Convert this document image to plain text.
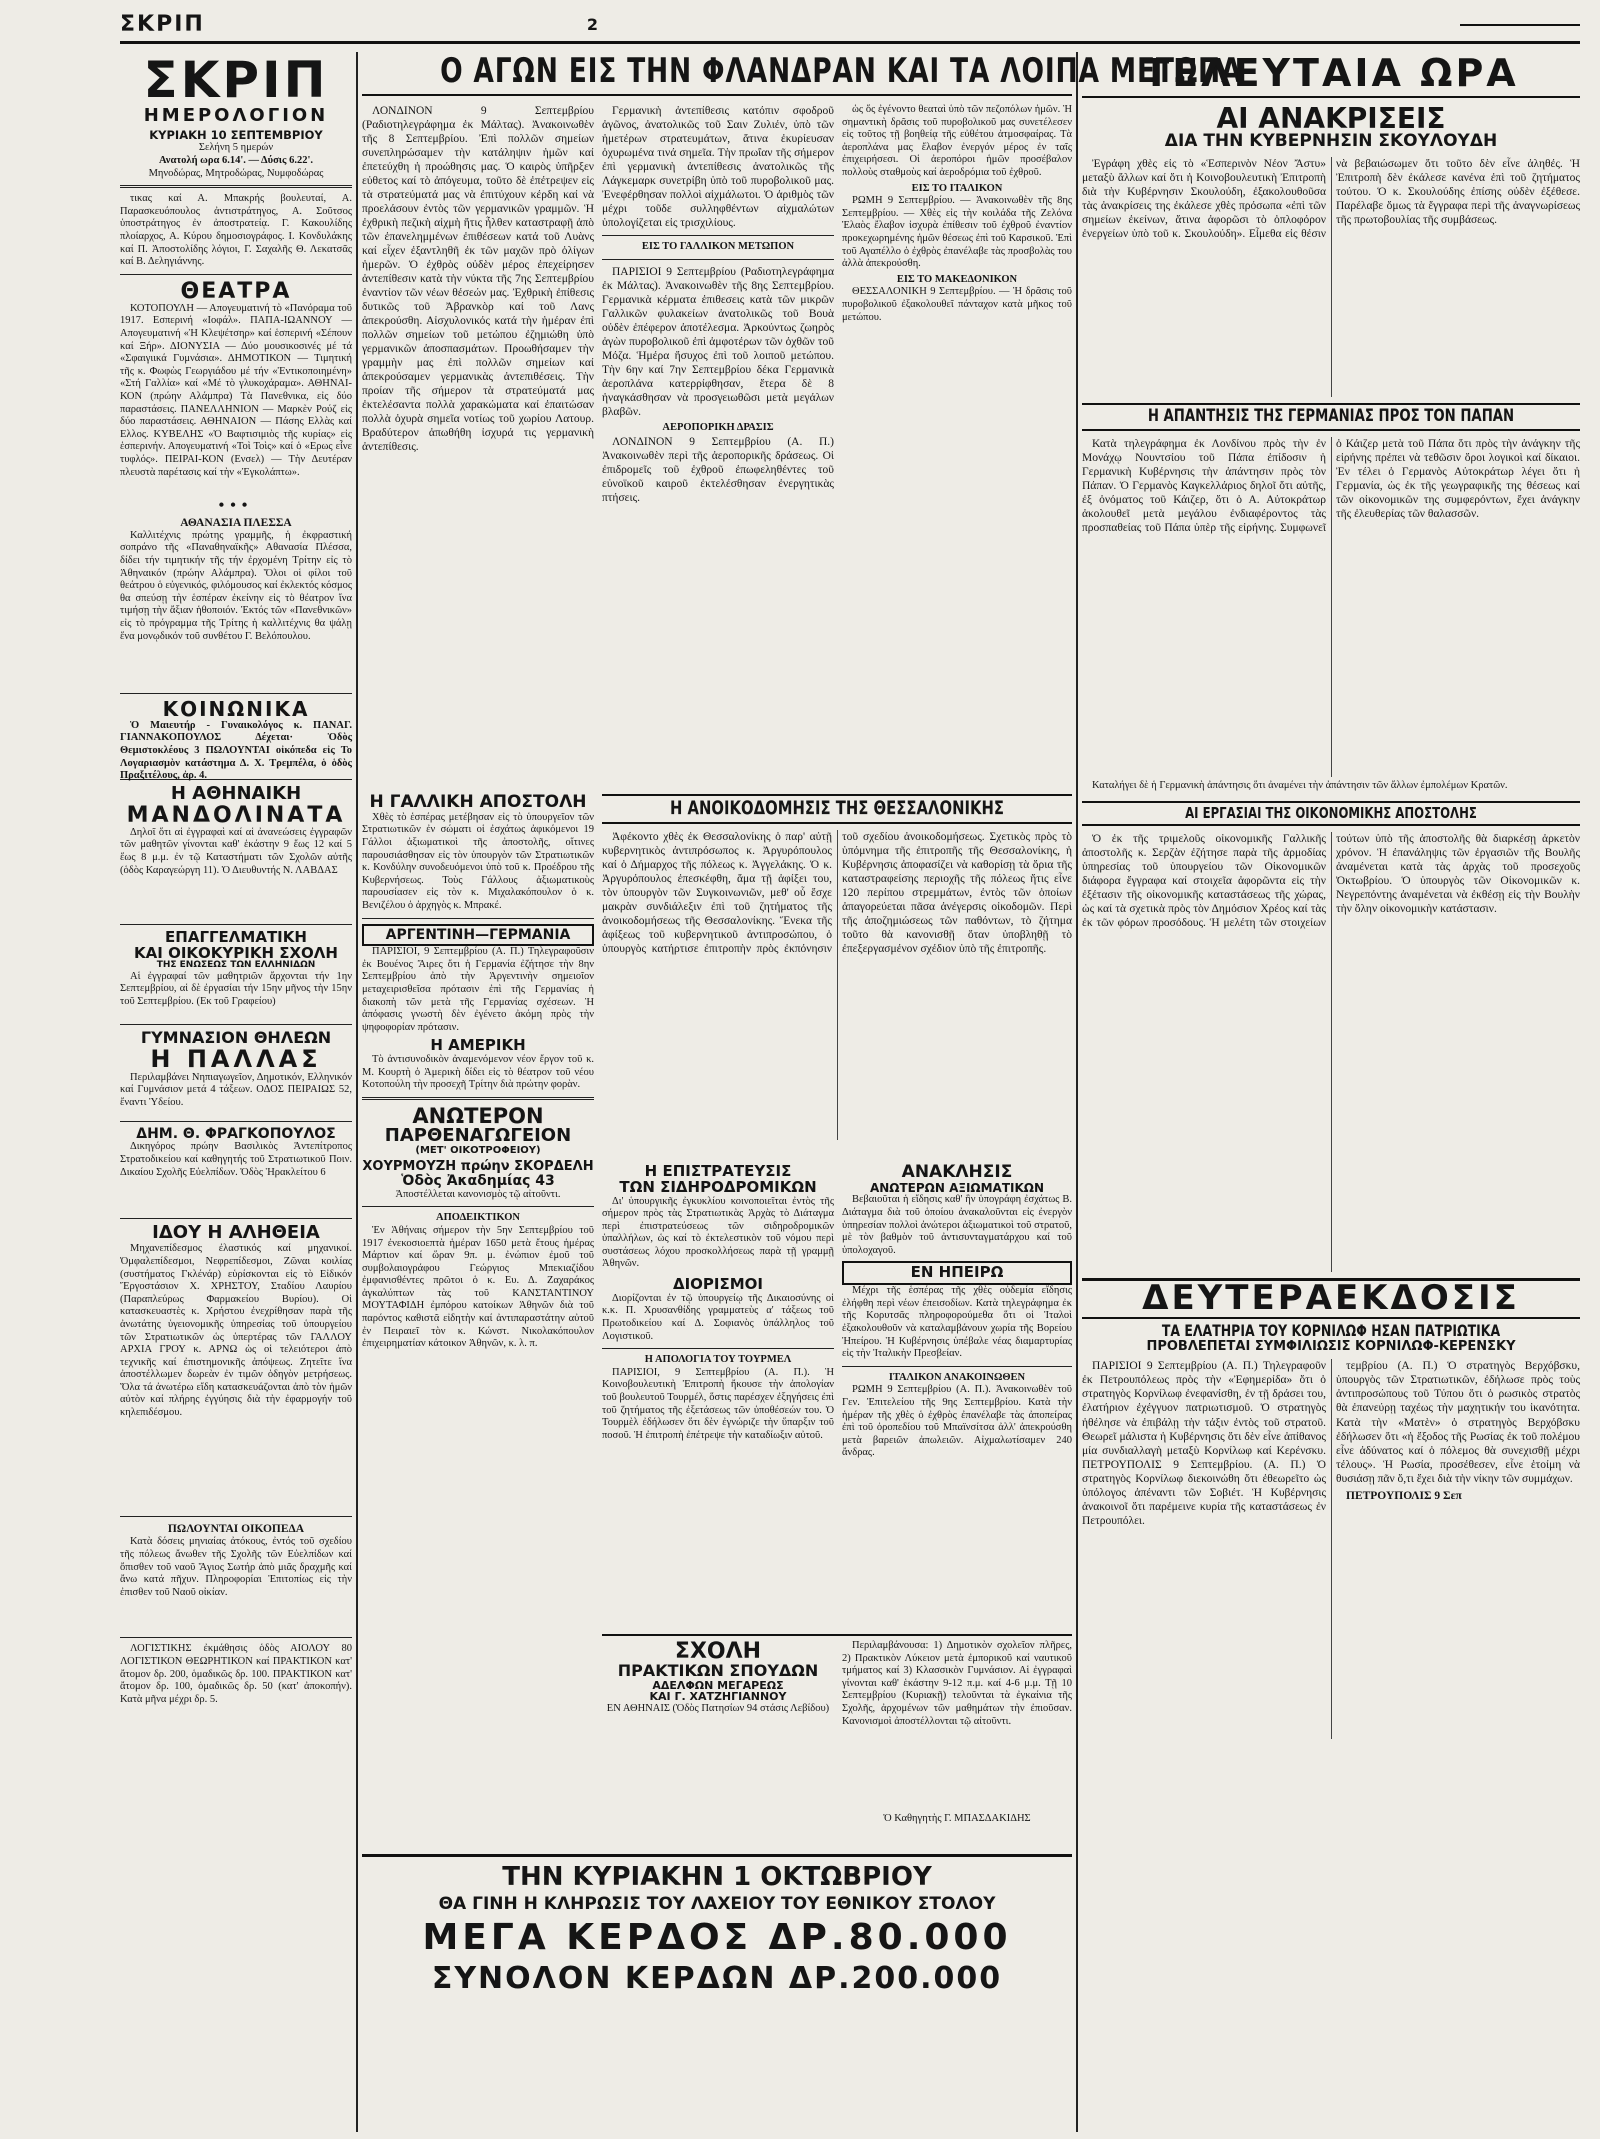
ΣΚΡΙΠ	2
ΣΚΡΙΠ
ΗΜΕΡΟΛΟΓΙΟΝ
ΚΥΡΙΑΚΗ 10 ΣΕΠΤΕΜΒΡΙΟΥ
Σελήνη 5 ημερών
Ανατολή ωρα 6.14'. — Δύσις 6.22'.
Μηνοδώρας, Μητροδώρας, Νυμφοδώρας
τικας καί Α. Μπακρής βουλευταί, Α. Παρασκευόπουλος ἀντιστράτηγος, Α. Σοῦτσος ὑποστράτηγος ἐν ἀποστρατείᾳ. Γ. Κακουλίδης πλοίαρχος, Α. Κύρου δημοσιογράφος. Ι. Κονδυλάκης καί Π. Ἀποστολίδης λόγιοι, Γ. Σαχαλῆς Θ. Λεκατσᾶς καί Β. Δεληγιάννης.
ΘΕΑΤΡΑ
ΚΟΤΟΠΟΥΛΗ — Απογευματινή τὸ «Πανόραμα τοῦ 1917. Εσπερινή «Ιοφάλ». ΠΑΠΑ-ΙΩΑΝΝΟΥ — Απογευματινή «Ἡ Κλεψέτσηρ» καί ἑσπερινή «Σέπουν καί Ξήρ». ΔΙΟΝΥΣΙΑ — Δύο μουσικοσινές μέ τά «Σφαιγιικά Γυμνάσια». ΔΗΜΟΤΙΚΟΝ — Τιμητική τῆς κ. Φωφὼς Γεωργιάδου μέ τήν «Ἐντικοποιημένη» «Στή Γαλλία» καί «Μέ τὸ γλυκοχάραμα». ΑΘΗΝΑΙ-ΚΟΝ (πρώην Αλάμπρα) Τὰ Πανεθνικα, εἰς δύο παραστάσεις. ΠΑΝΕΛΛΗΝΙΟΝ — Μαρκὲν Ρούζ εἰς δύο παραστάσεις. ΑΘΗΝΑΙΟΝ — Πάσης Ελλὰς καί Ελλος. ΚΥΒΕΛΗΣ «Ὁ Βαφτισιμιὸς τῆς κυρίας» εἰς ἑσπερινήν. Απογευματινή «Τοὶ Τοὶς» καί ὁ «Ερως εἶνε τυφλός». ΠΕΙΡΑΙ-ΚΟΝ (Ενσελ) — Τὴν Δευτέραν πλευστὰ παρέτασις καί τὴν «Ἐγκολάπτω».
•••
ΑΘΑΝΑΣΙΑ ΠΛΕΣΣΑ
Καλλιτέχνις πρώτης γραμμῆς, ἡ ἐκφραστική σοπράνο τῆς «Παναθηναϊκῆς» Αθανασία Πλέσσα, δίδει τήν τιμητικήν τῆς τήν ἐρχομένη Τρίτην εἰς τὸ Ἀθηναικόν (πρώην Αλάμπρα). Ὅλοι οἱ φίλοι τοῦ θεάτρου ὁ εὐγενικός, φιλόμουσος καί ἐκλεκτός κόσμος θα σπεύσῃ τὴν ἑσπέραν ἐκείνην εἰς τὸ θέατρον ἵνα τιμήσῃ τὴν ἄξιαν ἡθοποιόν. Ἐκτός τῶν «Πανεθνικῶν» εἰς τὸ πρόγραμμα τῆς Τρίτης ἡ καλλιτέχνις θα ψάλῃ ἕνα μονῳδικόν τοῦ συνθέτου Γ. Βελόπουλου.
ΚΟΙΝΩΝΙΚΑ
Ὁ Μαιευτήρ - Γυναικολόγος κ. ΠΑΝΑΓ. ΓΙΑΝΝΑΚΟΠΟΥΛΟΣ Δέχεται· Ὁδὸς Θεμιστοκλέους 3 ΠΩΛΟΥΝΤΑΙ οἰκόπεδα εἰς Το Λογαριασμὸν κατάστημα Δ. Χ. Τρεμπέλα, ὁ ὁδὸς Πραξιτέλους, ἀρ. 4.
Η ΑΘΗΝΑΙΚΗ
ΜΑΝΔΟΛΙΝΑΤΑ
Δηλοῖ ὅτι αἱ ἐγγραφαὶ καί αἱ ἀνανεώσεις ἐγγραφῶν τῶν μαθητῶν γίνονται καθ' ἑκάστην 9 ἕως 12 καί 5 ἕως 8 μ.μ. ἐν τῷ Καταστήματι τῶν Σχολῶν αὐτῆς (ὁδὸς Καραγεώργη 11). Ὁ Διευθυντής Ν. ΛΑΒΔΑΣ
ΕΠΑΓΓΕΛΜΑΤΙΚΗ
ΚΑΙ ΟΙΚΟΚΥΡΙΚΗ ΣΧΟΛΗ
ΤΗΣ ΕΝΩΣΕΩΣ ΤΩΝ ΕΛΛΗΝΙΔΩΝ
Αἱ ἐγγραφαί τῶν μαθητριῶν ἄρχονται τήν 1ην Σεπτεμβρίου, αἱ δὲ ἐργασίαι τήν 15ην μῆνος τὴν 15ην τοῦ Σεπτεμβρίου. (Εκ τοῦ Γραφείου)
ΓΥΜΝΑΣΙΟΝ ΘΗΛΕΩΝ
Η ΠΑΛΛΑΣ
Περιλαμβάνει Νηπιαγωγεῖον, Δημοτικόν, Ελληνικόν καί Γυμνάσιον μετά 4 τάξεων. ΟΔΟΣ ΠΕΙΡΑΙΩΣ 52, ἔναντι Ὑδείου.
ΔΗΜ. Θ. ΦΡΑΓΚΟΠΟΥΛΟΣ
Δικηγόρος πρώην Βασιλικὸς Ἀντεπίτροπος Στρατοδικείου καί καθηγητής τοῦ Στρατιωτικοῦ Ποιν. Δικαίου Σχολῆς Εὐελπίδων. Ὁδὸς Ἡρακλείτου 6
ΙΔΟΥ Η ΑΛΗΘΕΙΑ
Μηχανεπίδεσμος ἐλαστικός καί μηχανικοί. Ὀμφαλεπίδεσμοι, Νεφρεπίδεσμοι, Ζῶναι κοιλίας (συστήματος Γκλένάρ) εὑρίσκονται εἰς τὸ Εἰδικόν Ἔργοστάσιον Χ. ΧΡΗΣΤΟΥ, Σταδίου Λαυρίου (Παραπλεύρως Φαρμακείου Βυρίου). Οἱ κατασκευαστὲς κ. Χρήστου ἐνεχρίθησαν παρὰ τῆς ἀνωτάτης ὑγειονομικῆς ὑπηρεσίας τοῦ ὑπουργείου τῶν Στρατιωτικῶν ὡς ὑπερτέρας τῶν ΓΑΛΛΟΥ ΑΡΧΙΑ ΓΡΟΥ κ. ΑΡΝΩ ὡς οἱ τελειότεροι ἀπὸ τεχνικῆς καί ἐπιστημονικῆς ἀπόψεως. Ζητεῖτε ἵνα ἀποστέλλωμεν δωρεὰν ἐν τιμῶν ὁδηγὸν μετρήσεως. Ὅλα τά ἀνωτέρω εἴδη κατασκευάζονται ἀπὸ τὸν ἡμῶν αὐτὸν καί πλήρης ἐγγύησις διὰ τὴν ἐφαρμογήν τοῦ κηλεπιδέσμου.
ΠΩΛΟΥΝΤΑΙ ΟΙΚΟΠΕΔΑ
Κατὰ δόσεις μηνιαίας ἀτόκους, ἐντός τοῦ σχεδίου τῆς πόλεως ἄνωθεν τῆς Σχολῆς τῶν Εὐελπίδων καί ὄπισθεν τοῦ ναοῦ Ἅγιος Σωτήρ ἀπὸ μιᾶς δραχμῆς καί ἄνω κατά πῆχυν. Πληροφορίαι Ἐπιτοπίως εἰς τὴν ἐπισθεν τοῦ Ναοῦ οἰκίαν.
ΛΟΓΙΣΤΙΚΗΣ ἐκμάθησις ὁδὸς ΑΙΟΛΟΥ 80 ΛΟΓΙΣΤΙΚΟΝ ΘΕΩΡΗΤΙΚΟΝ καί ΠΡΑΚΤΙΚΟΝ κατ' ἄτομον δρ. 200, ὁμαδικῶς δρ. 100. ΠΡΑΚΤΙΚΟΝ κατ' ἄτομον δρ. 100, ὁμαδικῶς δρ. 50 (κατ' ἀποκοπήν). Κατὰ μῆνα μέχρι δρ. 5.
Ο ΑΓΩΝ ΕΙΣ ΤΗΝ ΦΛΑΝΔΡΑΝ ΚΑΙ ΤΑ ΛΟΙΠΑ ΜΕΤΩΠΑ
ΛΟΝΔΙΝΟΝ 9 Σεπτεμβρίου (Ραδιοτηλεγράφημα ἐκ Μάλτας). Ἀνακοινωθὲν τῆς 8 Σεπτεμβρίου. Ἐπὶ πολλῶν σημείων συνεπληρώσαμεν τὴν κατάληψιν ἡμῶν καί ἐπετεύχθη ἡ προώθησις μας. Ὁ καιρὸς ὑπῆρξεν εὐθετος καί τὸ ἀπόγευμα, τοῦτο δὲ ἐπέτρεψεν εἰς τὰ στρατεύματά μας νὰ ἐπιτύχουν κέρδη καί νὰ προελάσουν ἐντὸς τῶν γερμανικῶν γραμμῶν. Ἡ ἐχθρικὴ πεζικὴ αἰχμὴ ἥτις ἦλθεν καταστραφῇ ἀπὸ τῶν ἐπανελημμένων ἐπιθέσεων κατά τοῦ Λυὰνς καί εἶχεν ἐξαντληθῆ ἐκ τῶν μαχῶν πρὸ ὀλίγων ἡμερῶν. Ὁ ἐχθρὸς οὐδὲν μέρος ἐπεχείρησεν ἀντεπίθεσιν κατὰ τὴν νύκτα τῆς 7ης Σεπτεμβρίου ἐναντίον τῶν νέων θέσεών μας. Ἐχθρικὴ ἐπίθεσις δυτικῶς τοῦ Ἀβρανκὸρ καί τοῦ Λανς ἀπεκρούσθη. Αἰσχυλονικός κατά τὴν ἡμέραν ἐπὶ πολλῶν σημείων τοῦ μετώπου ἐζημιώθη ὑπὸ γερμανικῶν ἀποσπασμάτων. Προωθήσαμεν τὴν γραμμὴν μας ἐπὶ πολλῶν σημείων καί ἀπεκρούσαμεν γερμανικὰς ἀντεπιθέσεις. Τὴν προίαν τῆς σήμερον τὰ στρατεύματά μας ἐκτελέσαντα πολλὰ χαρακώματα καί ἐπαιτώσαν πολλὰ ὀχυρὰ σημεῖα νοτίως τοῦ χωρίου Λατουρ. Βραδύτερον ἀπωθήθη ἰσχυρά τις γερμανικὴ ἀντεπίθεσις.
Γερμανικὴ ἀντεπίθεσις κατόπιν σφοδροῦ ἀγῶνος, ἀνατολικῶς τοῦ Σαιν Ζυλιέν, ὑπὸ τῶν ἡμετέρων στρατευμάτων, ἅτινα ἐκυρίευσαν ὀχυρωμένα τινά σημεῖα. Τὴν πρωΐαν τῆς σήμερον ἐπὶ γερμανικὴ ἀντεπίθεσις ἀνατολικῶς τῆς Λάγκεμαρκ συνετρίβη ὑπὸ τοῦ πυροβολικοῦ μας. Ἐνεφέρθησαν πολλοὶ αἰχμάλωτοι. Ὁ ἀριθμὸς τῶν μέχρι τοῦδε συλληφθέντων αἰχμαλώτων ὑπολογίζεται εἰς τρισχιλίους.
ΕΙΣ ΤΟ ΓΑΛΛΙΚΟΝ ΜΕΤΩΠΟΝ
ΠΑΡΙΣΙΟΙ 9 Σεπτεμβρίου (Ραδιοτηλεγράφημα ἐκ Μάλτας). Ἀνακοινωθὲν τῆς 8ης Σεπτεμβρίου. Γερμανικὰ κέρματα ἐπιθεσεις κατὰ τῶν μικρῶν Γαλλικῶν φυλακείων ἀνατολικῶς τοῦ Βουὰ οὐδὲν ἐπέφερον ἀποτέλεσμα. Ἀρκούντως ζωηρὸς ἀγὼν πυροβολικοῦ ἐπὶ ἀμφοτέρων τῶν ὀχθῶν τοῦ Μόζα. Ἡμέρα ἥσυχος ἐπὶ τοῦ λοιποῦ μετώπου. Τὴν 6ην καί 7ην Σεπτεμβρίου δέκα Γερμανικὰ ἀεροπλάνα κατερρίφθησαν, ἕτερα δὲ 8 ἠναγκάσθησαν νὰ προσγειωθῶσι μετὰ μεγάλων βλαβῶν.
ΑΕΡΟΠΟΡΙΚΗ ΔΡΑΣΙΣ
ΛΟΝΔΙΝΟΝ 9 Σεπτεμβρίου (Α. Π.) Ἀνακοινωθὲν περὶ τῆς ἀεροπορικῆς δράσεως. Οἱ ἐπιδρομεῖς τοῦ ἐχθροῦ ἐπωφεληθέντες τοῦ εὐνοϊκοῦ καιροῦ ἐκτελέσθησαν ἐνεργητικὰς πτήσεις.
ὡς ὅς ἐγένοντο θεαταὶ ὑπὸ τῶν πεζοπόλων ἡμῶν. Ἡ σημαντικὴ δρᾶσις τοῦ πυροβολικοῦ μας συνετέλεσεν εἰς τοῦτος τῇ βοηθείᾳ τῆς εὐθέτου ἀτμοσφαίρας. Τὰ ἀεροπλάνα μας ἔλαβον ἐνεργόν μέρος ἐν ταῖς ἐπιχειρήσεσι. Οἱ ἀεροπόροι ἡμῶν προσέβαλον πολλοὺς σταθμοὺς καί ἀεροδρόμια τοῦ ἐχθροῦ.
ΕΙΣ ΤΟ ΙΤΑΛΙΚΟΝ
ΡΩΜΗ 9 Σεπτεμβρίου. — Ἀνακοινωθὲν τῆς 8ης Σεπτεμβρίου. — Χθὲς εἰς τὴν κοιλάδα τῆς Ζελόνα Ἐλαὸς ἔλαβον ἰσχυρὰ ἐπίθεσιν τοῦ ἐχθροῦ ἐναντίον προκεχωρημένης ἡμῶν θέσεως ἐπὶ τοῦ Καρσικοῦ. Ἐπὶ τοῦ Αγαπέλλο ὁ ἐχθρὸς ἐπανέλαβε τὰς προσβολὰς του ἀλλὰ ἀπεκρούσθη.
ΕΙΣ ΤΟ ΜΑΚΕΔΟΝΙΚΟΝ
ΘΕΣΣΑΛΟΝΙΚΗ 9 Σεπτεμβρίου. — Ἡ δρᾶσις τοῦ πυροβολικοῦ ἐξακολουθεῖ πάνταχον κατὰ μῆκος τοῦ μετώπου.
Η ΓΑΛΛΙΚΗ ΑΠΟΣΤΟΛΗ
Χθὲς τὸ ἑσπέρας μετέβησαν εἰς τὸ ὑπουργεῖον τῶν Στρατιωτικῶν ἐν σώματι οἱ ἐσχάτως ἀφικόμενοι 19 Γάλλοι ἀξιωματικοὶ τῆς ἀποστολῆς, οἵτινες παρουσιάσθησαν εἰς τὸν ὑπουργὸν τῶν Στρατιωτικῶν κ. Κονδύλην συνοδευόμενοι ὑπὸ τοῦ κ. Προέδρου τῆς Κυβερνήσεως. Τοὺς Γάλλους ἀξιωματικοὺς παρουσίασεν εἰς τὸν κ. Μιχαλακόπουλον ὁ κ. Βενιζέλου ὁ ἀρχηγὸς κ. Μπρακέ.
ΑΡΓΕΝΤΙΝΗ—ΓΕΡΜΑΝΙΑ
ΠΑΡΙΣΙΟΙ, 9 Σεπτεμβρίου (Α. Π.) Τηλεγραφοῦσιν ἐκ Βουένος Ἄιρες ὅτι ἡ Γερμανία ἐζήτησε τὴν 8ην Σεπτεμβρίου ἀπὸ τὴν Ἀργεντινὴν σημειοῖον μεταχειρισθεῖσα πρότασιν ἐπὶ τῆς Γερμανίας ἡ διακοπὴ τῶν μετὰ τῆς Γερμανίας σχέσεων. Ἡ ἀπόφασις γνωστὴ δὲν ἐγένετο ἀκόμη πρὸς τὴν ψηφοφορίαν πρότασιν.
Η ΑΜΕΡΙΚΗ
Τὸ ἀντισυνοδικὸν ἀναμενόμενον νέον ἔργον τοῦ κ. Μ. Κουρτὴ ὁ Ἀμερικὴ δίδει εἰς τὸ θέατρον τοῦ νέου Κοτοπούλη τὴν προσεχῆ Τρίτην διὰ πρώτην φορὰν.
ΑΝΩΤΕΡΟΝ
ΠΑΡΘΕΝΑΓΩΓΕΙΟΝ
(ΜΕΤ' ΟΙΚΟΤΡΟΦΕΙΟΥ)
ΧΟΥΡΜΟΥΖΗ πρώην ΣΚΟΡΔΕΛΗ
Ὁδὸς Ἀκαδημίας 43
Ἀποστέλλεται κανονισμὸς τῷ αἰτοῦντι.
ΑΠΟΔΕΙΚΤΙΚΟΝ
Ἐν Ἀθήναις σήμερον τὴν 5ην Σεπτεμβρίου τοῦ 1917 ἐνεκοσιοεπτὰ ἡμέραν 1650 μετὰ ἔτους ἡμέρας Μάρτιον καί ὥραν 9π. μ. ἐνώπιον ἐμοῦ τοῦ συμβολαιογράφου Γεώργιος Μπεκιαζίδου ἐμφανισθέντες πρῶτοι ὁ κ. Ευ. Δ. Ζαχαράκος ἀγκαλύπτων τὰς τοῦ ΚΑΝΣΤΑΝΤΙΝΟΥ ΜΟΥΤΑΦΙΔΗ ἐμπόρου κατοίκων Ἀθηνῶν διὰ τοῦ παρόντος καθιστᾶ εἰδητὴν καί ἀντιπαραστάτην αὐτοῦ ἐν Πειραιεῖ τὸν κ. Κώνστ. Νικολακόπουλον ἐπιχειρηματίαν κάτοικον Ἀθηνῶν, κ. λ. π.
Η ΑΝΟΙΚΟΔΟΜΗΣΙΣ ΤΗΣ ΘΕΣΣΑΛΟΝΙΚΗΣ
Ἀφέκοντο χθὲς ἐκ Θεσσαλονίκης ὁ παρ' αὐτῇ κυβερνητικὸς ἀντιπρόσωπος κ. Ἀργυρόπουλος καί ὁ Δήμαρχος τῆς πόλεως κ. Ἀγγελάκης. Ὁ κ. Ἀργυρόπουλος ἐπεσκέφθη, ἅμα τῇ ἀφίξει του, τὸν ὑπουργὸν τῶν Συγκοινωνιῶν, μεθ' οὗ ἔσχε μακρὰν συνδιάλεξιν ἐπὶ τοῦ ζητήματος τῆς ἀνοικοδομήσεως τῆς Θεσσαλονίκης. Ἕνεκα τῆς ἀφίξεως τοῦ κυβερνητικοῦ ἀντιπροσώπου, ὁ ὑπουργὸς κατήρτισε ἐπιτροπὴν πρὸς ἐκπόνησιν τοῦ σχεδίου ἀνοικοδομήσεως. Σχετικὸς πρὸς τὸ ὑπόμνημα τῆς ἐπιτροπῆς τῆς Θεσσαλονίκης, ἡ Κυβέρνησις ἀποφασίζει νὰ καθορίσῃ τὰ ὅρια τῆς καταστραφείσης περιοχῆς τῆς πόλεως ἥτις εἶνε 120 περίπου στρεμμάτων, ἐντὸς τῶν ὁποίων ἀπαγορεύεται πᾶσα ἀνέγερσις οἰκοδομῶν. Περὶ τῆς ἀποζημιώσεως τῶν παθόντων, τὸ ζήτημα τοῦτο θὰ κανονισθῇ ὅταν ὑποβληθῇ τὸ ἐπεξεργασμένον σχέδιον ὑπὸ τῆς ἐπιτροπῆς.
Η ΕΠΙΣΤΡΑΤΕΥΣΙΣ
ΤΩΝ ΣΙΔΗΡΟΔΡΟΜΙΚΩΝ
Δι' ὑπουργικῆς ἐγκυκλίου κοινοποιεῖται ἐντὸς τῆς σήμερον πρὸς τὰς Στρατιωτικὰς Ἀρχὰς τὸ Διάταγμα περὶ ἐπιστρατεύσεως τῶν σιδηροδρομικῶν ὑπαλλήλων, ὡς καί τὸ ἐκτελεστικὸν τοῦ νόμου περὶ συστάσεως λόχου προσκολλήσεως παρὰ τῇ γραμμῇ Ἀθηνῶν.
ΔΙΟΡΙΣΜΟΙ
Διορίζονται ἐν τῷ ὑπουργείῳ τῆς Δικαιοσύνης οἱ κ.κ. Π. Χρυσανθίδης γραμματεὺς α' τάξεως τοῦ Πρωτοδικείου καί Δ. Σοφιανὸς ὑπάλληλος τοῦ Λογιστικοῦ.
Η ΑΠΟΛΟΓΙΑ ΤΟΥ ΤΟΥΡΜΕΛ
ΠΑΡΙΣΙΟΙ, 9 Σεπτεμβρίου (Α. Π.). Ἡ Κοινοβουλευτικὴ Ἐπιτροπὴ ἤκουσε τὴν ἀπολογίαν τοῦ βουλευτοῦ Τουρμέλ, ὅστις παρέσχεν ἐξηγήσεις ἐπὶ τοῦ ζητήματος τῆς ἐξετάσεως τῶν ὑποθέσεών του. Ὁ Τουρμὲλ ἐδήλωσεν ὅτι δὲν ἐγνώριζε τὴν ὕπαρξιν τοῦ ποσοῦ. Ἡ ἐπιτροπὴ ἐπέτρεψε τὴν καταδίωξιν αὐτοῦ.
ΑΝΑΚΛΗΣΙΣ
ΑΝΩΤΕΡΩΝ ΑΞΙΩΜΑΤΙΚΩΝ
Βεβαιοῦται ἡ εἴδησις καθ' ἣν ὑπογράφη ἐσχάτως Β. Διάταγμα διὰ τοῦ ὁποίου ἀνακαλοῦνται εἰς ἐνεργὸν ὑπηρεσίαν πολλοὶ ἀνώτεροι ἀξιωματικοὶ τοῦ στρατοῦ, μὲ τὸν βαθμὸν τοῦ ἀντισυνταγματάρχου καί τοῦ ὑπολοχαγοῦ.
ΕΝ ΗΠΕΙΡΩ
Μέχρι τῆς ἑσπέρας τῆς χθὲς οὐδεμία εἴδησις ἐλήφθη περὶ νέων ἐπεισοδίων. Κατὰ τηλεγράφημα ἐκ τῆς Κορυτσᾶς πληροφορούμεθα ὅτι οἱ Ἰταλοὶ ἐξακολουθοῦν νὰ καταλαμβάνουν χωρία τῆς Βορείου Ἠπείρου. Ἡ Κυβέρνησις ὑπέβαλε νέας διαμαρτυρίας εἰς τὴν Ἰταλικὴν Πρεσβείαν.
ΙΤΑΛΙΚΟΝ ΑΝΑΚΟΙΝΩΘΕΝ
ΡΩΜΗ 9 Σεπτεμβρίου (Α. Π.). Ἀνακοινωθὲν τοῦ Γεν. Ἐπιτελείου τῆς 9ης Σεπτεμβρίου. Κατὰ τὴν ἡμέραν τῆς χθὲς ὁ ἐχθρὸς ἐπανέλαβε τὰς ἀποπείρας ἐπὶ τοῦ ὀροπεδίου τοῦ Μπαϊνσίτσα ἀλλ' ἀπεκρούσθη μετὰ βαρειῶν ἀπωλειῶν. Αἰχμαλωτίσαμεν 240 ἄνδρας.
ΣΧΟΛΗ
ΠΡΑΚΤΙΚΩΝ ΣΠΟΥΔΩΝ
ΑΔΕΛΦΩΝ ΜΕΓΑΡΕΩΣ
ΚΑΙ Γ. ΧΑΤΖΗΓΙΑΝΝΟΥ
ΕΝ ΑΘΗΝΑΙΣ (Ὁδὸς Πατησίων 94 στάσις Λεβίδου)
Περιλαμβάνουσα: 1) Δημοτικὸν σχολεῖον πλῆρες, 2) Πρακτικὸν Λύκειον μετὰ ἐμπορικοῦ καί ναυτικοῦ τμήματος καί 3) Κλασσικὸν Γυμνάσιον. Αἱ ἐγγραφαὶ γίνονται καθ' ἑκάστην 9-12 π.μ. καί 4-6 μ.μ. Τῇ 10 Σεπτεμβρίου (Κυριακῇ) τελοῦνται τὰ ἐγκαίνια τῆς Σχολῆς, ἀρχομένων τῶν μαθημάτων τὴν ἐπιοῦσαν. Κανονισμοὶ ἀποστέλλονται τῷ αἰτοῦντι.
Ὁ Καθηγητὴς Γ. ΜΠΑΣΔΑΚΙΔΗΣ
ΤΗΝ ΚΥΡΙΑΚΗΝ 1 ΟΚΤΩΒΡΙΟΥ
ΘΑ ΓΙΝΗ Η ΚΛΗΡΩΣΙΣ ΤΟΥ ΛΑΧΕΙΟΥ ΤΟΥ ΕΘΝΙΚΟΥ ΣΤΟΛΟΥ
ΜΕΓΑ ΚΕΡΔΟΣ ΔΡ.80.000
ΣΥΝΟΛΟΝ ΚΕΡΔΩΝ ΔΡ.200.000
ΤΕΛΕΥΤΑΙΑ ΩΡΑ
ΑΙ ΑΝΑΚΡΙΣΕΙΣ
ΔΙΑ ΤΗΝ ΚΥΒΕΡΝΗΣΙΝ ΣΚΟΥΛΟΥΔΗ
Ἐγράφη χθὲς εἰς τὸ «Ἑσπερινὸν Νέον Ἄστυ» μεταξὺ ἄλλων καί ὅτι ἡ Κοινοβουλευτικὴ Ἐπιτροπὴ διὰ τὴν Κυβέρνησιν Σκουλούδη, ἐξακολουθοῦσα τὰς ἀνακρίσεις της ἐκάλεσε χθὲς πρόσωπα «ἐπὶ τῶν σημείων ἐκείνων, ἅτινα ἀφορῶσι τὸ ὁπλοφόρον ἐνεργείων ὑπὸ τοῦ κ. Σκουλούδη». Εἶμεθα εἰς θέσιν νὰ βεβαιώσωμεν ὅτι τοῦτο δὲν εἶνε ἀληθές. Ἡ Ἐπιτροπὴ δὲν ἐκάλεσε κανένα ἐπὶ τοῦ ζητήματος τούτου. Ὁ κ. Σκουλούδης ἐπίσης οὐδὲν ἐξέθεσε. Παρέλαβε ὅμως τὰ ἔγγραφα περὶ τῆς ἀναγνωρίσεως τῆς πρωτοβουλίας τῆς συμβάσεως.
Η ΑΠΑΝΤΗΣΙΣ ΤΗΣ ΓΕΡΜΑΝΙΑΣ ΠΡΟΣ ΤΟΝ ΠΑΠΑΝ
Κατὰ τηλεγράφημα ἐκ Λονδίνου πρὸς τὴν ἐν Μονάχῳ Νουντσίου τοῦ Πάπα ἐπίδοσιν ἡ Γερμανικὴ Κυβέρνησις τὴν ἀπάντησιν πρὸς τὸν Πάπαν. Ὁ Γερμανὸς Καγκελλάριος δηλοῖ ὅτι αὐτῆς, ἐξ ὀνόματος τοῦ Κάιζερ, ὅτι ὁ Α. Αὐτοκράτωρ ἀκολουθεῖ μετὰ μεγάλου ἐνδιαφέροντος τὰς προσπαθείας τοῦ Πάπα ὑπὲρ τῆς εἰρήνης. Συμφωνεῖ ὁ Κάιζερ μετὰ τοῦ Πάπα ὅτι πρὸς τὴν ἀνάγκην τῆς εἰρήνης πρέπει νὰ τεθῶσιν ὅροι λογικοὶ καί δίκαιοι. Ἐν τέλει ὁ Γερμανὸς Αὐτοκράτωρ λέγει ὅτι ἡ Γερμανία, ὡς ἐκ τῆς γεωγραφικῆς της θέσεως καί τῶν οἰκονομικῶν της συμφερόντων, ἔχει ἀνάγκην τῆς ἐλευθερίας τῶν θαλασσῶν.
Καταλήγει δὲ ἡ Γερμανικὴ ἀπάντησις ὅτι ἀναμένει τὴν ἀπάντησιν τῶν ἄλλων ἐμπολέμων Κρατῶν.
ΑΙ ΕΡΓΑΣΙΑΙ ΤΗΣ ΟΙΚΟΝΟΜΙΚΗΣ ΑΠΟΣΤΟΛΗΣ
Ὁ ἐκ τῆς τριμελοῦς οἰκονομικῆς Γαλλικῆς ἀποστολῆς κ. Σερζὰν ἐζήτησε παρὰ τῆς ἁρμοδίας ὑπηρεσίας τοῦ ὑπουργείου τῶν Οἰκονομικῶν διάφορα ἔγγραφα καί στοιχεῖα ἀφορῶντα εἰς τὴν ἐξέτασιν τῆς οἰκονομικῆς καταστάσεως τῆς χώρας, ὡς καί τὰ σχετικὰ πρὸς τὸν Δημόσιον Χρέος καί τὰς ἐκ τῶν φόρων προσόδους. Ἡ μελέτη τῶν στοιχείων τούτων ὑπὸ τῆς ἀποστολῆς θὰ διαρκέσῃ ἀρκετὸν χρόνον. Ἡ ἐπανάληψις τῶν ἐργασιῶν τῆς Βουλῆς ἀναμένεται κατὰ τὰς ἀρχὰς τοῦ προσεχοῦς Ὀκτωβρίου. Ὁ ὑπουργὸς τῶν Οἰκονομικῶν κ. Νεγρεπόντης ἀναμένεται νὰ ἐκθέσῃ εἰς τὴν Βουλὴν τὴν ὅλην οἰκονομικὴν κατάστασιν.
ΔΕΥΤΕΡΑΕΚΔΟΣΙΣ
ΤΑ ΕΛΑΤΗΡΙΑ ΤΟΥ ΚΟΡΝΙΛΩΦ ΗΣΑΝ ΠΑΤΡΙΩΤΙΚΑ
ΠΡΟΒΛΕΠΕΤΑΙ ΣΥΜΦΙΛΙΩΣΙΣ ΚΟΡΝΙΛΩΦ-ΚΕΡΕΝΣΚΥ
ΠΑΡΙΣΙΟΙ 9 Σεπτεμβρίου (Α. Π.) Τηλεγραφοῦν ἐκ Πετρουπόλεως πρὸς τὴν «Ἐφημερίδα» ὅτι ὁ στρατηγὸς Κορνίλωφ ἐνεφανίσθη, ἐν τῇ δράσει του, ἐλατήριον ἐχέγγυον πατριωτισμοῦ. Ὁ στρατηγὸς ἠθέλησε νὰ ἐπιβάλῃ τὴν τάξιν ἐντὸς τοῦ στρατοῦ. Θεωρεῖ μάλιστα ἡ Κυβέρνησις ὅτι δὲν εἶνε ἀπίθανος μία συνδιαλλαγὴ μεταξὺ Κορνίλωφ καί Κερένσκυ. ΠΕΤΡΟΥΠΟΛΙΣ 9 Σεπτεμβρίου. (Α. Π.) Ὁ στρατηγὸς Κορνίλωφ διεκοινώθη ὅτι ἐθεωρεῖτο ὡς ὑπόλογος ἀπέναντι τῶν Σοβιέτ. Ἡ Κυβέρνησις ἀνακοινοῖ ὅτι παρέμεινε κυρία τῆς καταστάσεως ἐν Πετρουπόλει.
τεμβρίου (Α. Π.) Ὁ στρατηγὸς Βερχόβσκυ, ὑπουργὸς τῶν Στρατιωτικῶν, ἐδήλωσε πρὸς τοὺς ἀντιπροσώπους τοῦ Τύπου ὅτι ὁ ρωσικὸς στρατὸς θὰ ἐπανεύρῃ ταχέως τὴν μαχητικήν του ἱκανότητα. Κατὰ τὴν «Ματὲν» ὁ στρατηγὸς Βερχόβσκυ ἐδήλωσεν ὅτι «ἡ ἔξοδος τῆς Ρωσίας ἐκ τοῦ πολέμου εἶνε ἀδύνατος καί ὁ πόλεμος θὰ συνεχισθῇ μέχρι τέλους». Ἡ Ρωσία, προσέθεσεν, εἶνε ἑτοίμη νὰ θυσιάσῃ πᾶν ὅ,τι ἔχει διὰ τὴν νίκην τῶν συμμάχων.
ΠΕΤΡΟΥΠΟΛΙΣ 9 Σεπ
